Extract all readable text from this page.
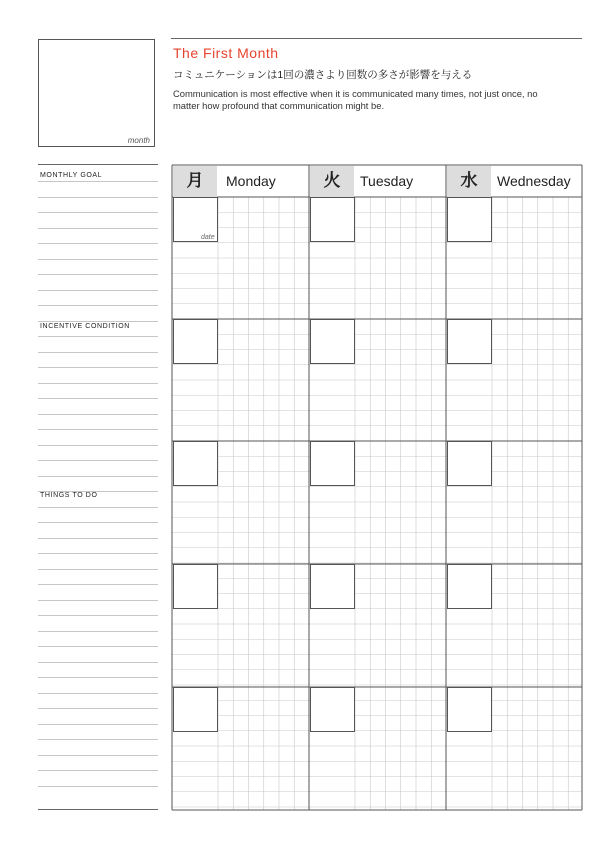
month
The First Month
コミュニケーションは1回の濃さより回数の多さが影響を与える
Communication is most effective when it is communicated many times, not just once, no matter how profound that communication might be.
MONTHLY GOAL
INCENTIVE CONDITION
THINGS TO DO
月	Monday	火	Tuesday	水	Wednesday
date
